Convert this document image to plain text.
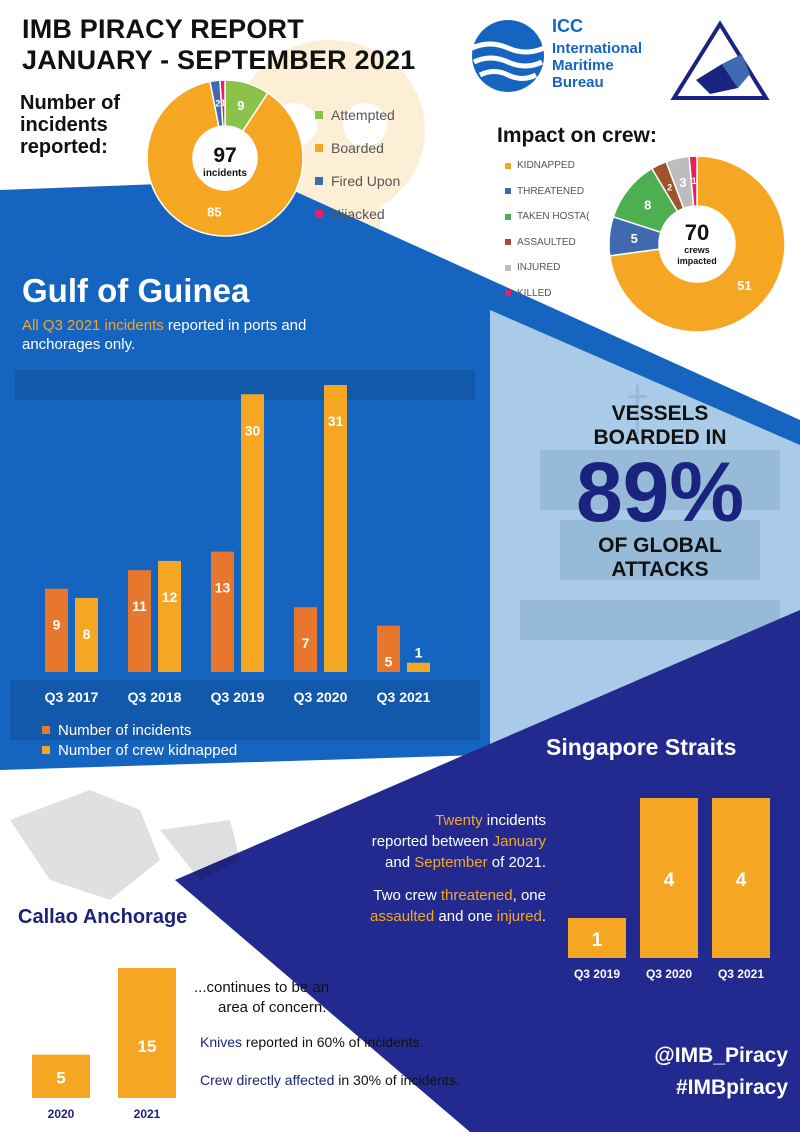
IMB PIRACY REPORT
JANUARY - SEPTEMBER 2021
Number of
incidents
reported:
9
85
2 1
97
incidents
Attempted
Boarded
Fired Upon
Hijacked
ICC
International
Maritime
Bureau
Impact on crew:
KIDNAPPED
THREATENED
TAKEN HOSTA(
ASSAULTED
INJURED
KILLED
51
5
8
2 3 1
70
crews
impacted
Gulf of Guinea
All Q3 2021 incidents reported in ports and
anchorages only.
9
8
Q3 2017
11
12
Q3 2018
13
30
Q3 2019
7
31
Q3 2020
5
1
Q3 2021
Number of incidents
Number of crew kidnapped
VESSELS
BOARDED IN
89%
OF GLOBAL
ATTACKS
Singapore Straits
Twenty incidents
reported between January
and September of 2021.
Two crew threatened, one
assaulted and one injured.
1
Q3 2019
4
Q3 2020
4
Q3 2021
Callao Anchorage
5
2020
15
2021
...continues to be an
area of concern.
Knives reported in 60% of incidents.
Crew directly affected in 30% of incidents.
@IMB_Piracy
#IMBpiracy
